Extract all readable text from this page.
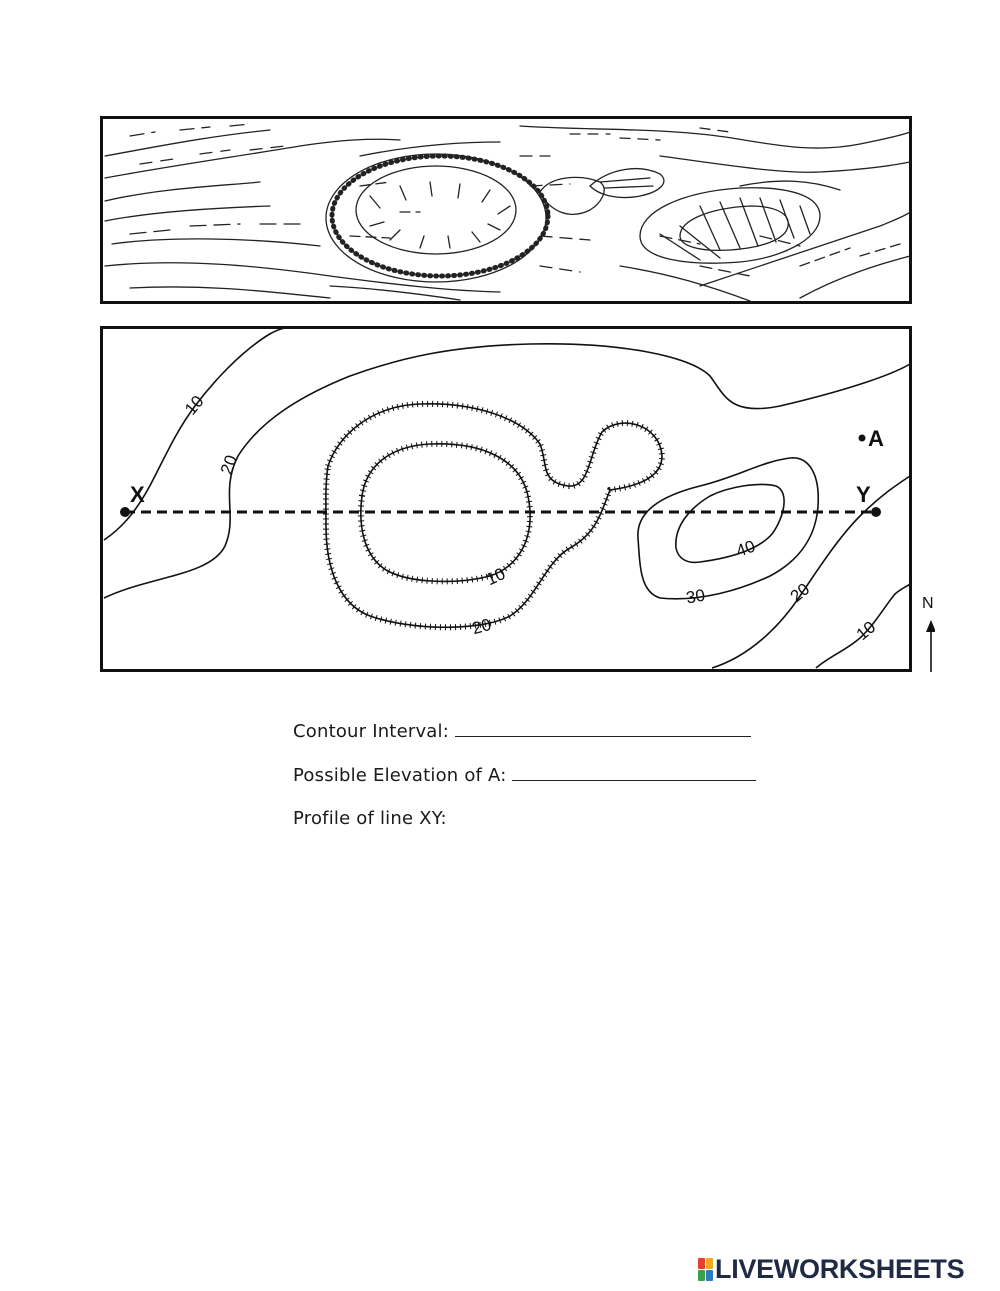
X	Y
A
10
20
10
20
40
30	20
10
N
Contour Interval:
Possible Elevation of A:
Profile of line XY:
LIVEWORKSHEETS
